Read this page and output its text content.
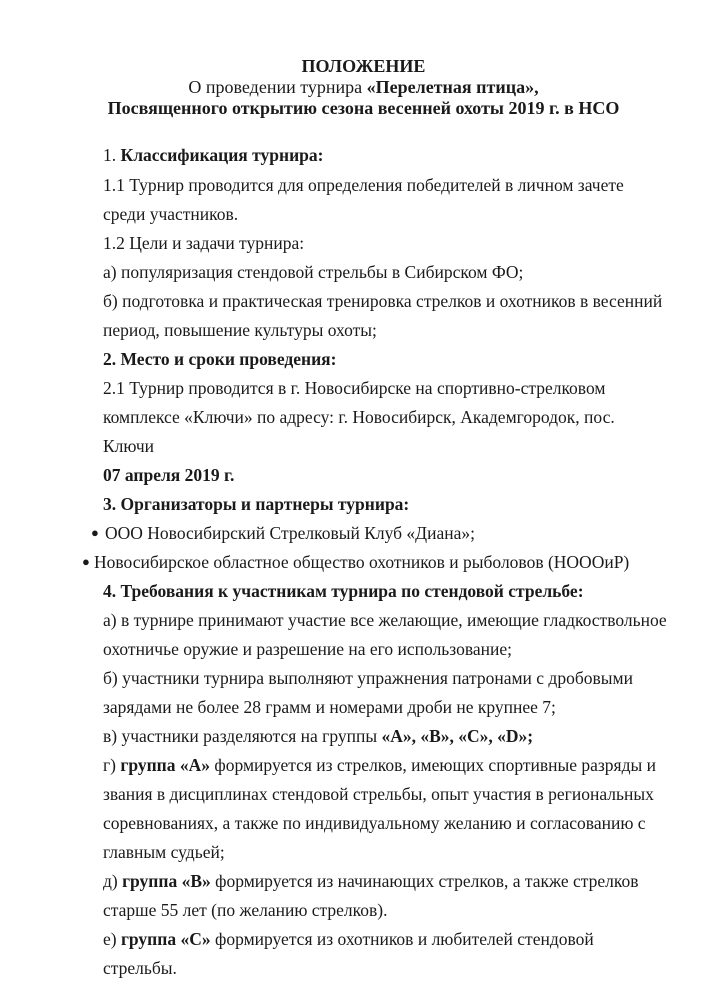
ПОЛОЖЕНИЕ
О проведении турнира «Перелетная птица»,
Посвященного открытию сезона весенней охоты 2019 г. в НСО
1. Классификация турнира:
1.1 Турнир проводится для определения победителей в личном зачете
среди участников.
1.2 Цели и задачи турнира:
а) популяризация стендовой стрельбы в Сибирском ФО;
б) подготовка и практическая тренировка стрелков и охотников в весенний
период, повышение культуры охоты;
2. Место и сроки проведения:
2.1 Турнир проводится в г. Новосибирске на спортивно-стрелковом
комплексе «Ключи» по адресу: г. Новосибирск, Академгородок, пос.
Ключи
07 апреля 2019 г.
3. Организаторы и партнеры турнира:
● ООО Новосибирский Стрелковый Клуб «Диана»;
● Новосибирское областное общество охотников и рыболовов (НОООиР)
4. Требования к участникам турнира по стендовой стрельбе:
а) в турнире принимают участие все желающие, имеющие гладкоствольное
охотничье оружие и разрешение на его использование;
б) участники турнира выполняют упражнения патронами с дробовыми
зарядами не более 28 грамм и номерами дроби не крупнее 7;
в) участники разделяются на группы «А», «В», «С», «D»;
г) группа «А» формируется из стрелков, имеющих спортивные разряды и
звания в дисциплинах стендовой стрельбы, опыт участия в региональных
соревнованиях, а также по индивидуальному желанию и согласованию с
главным судьей;
д) группа «В» формируется из начинающих стрелков, а также стрелков
старше 55 лет (по желанию стрелков).
е) группа «С» формируется из охотников и любителей стендовой
стрельбы.
